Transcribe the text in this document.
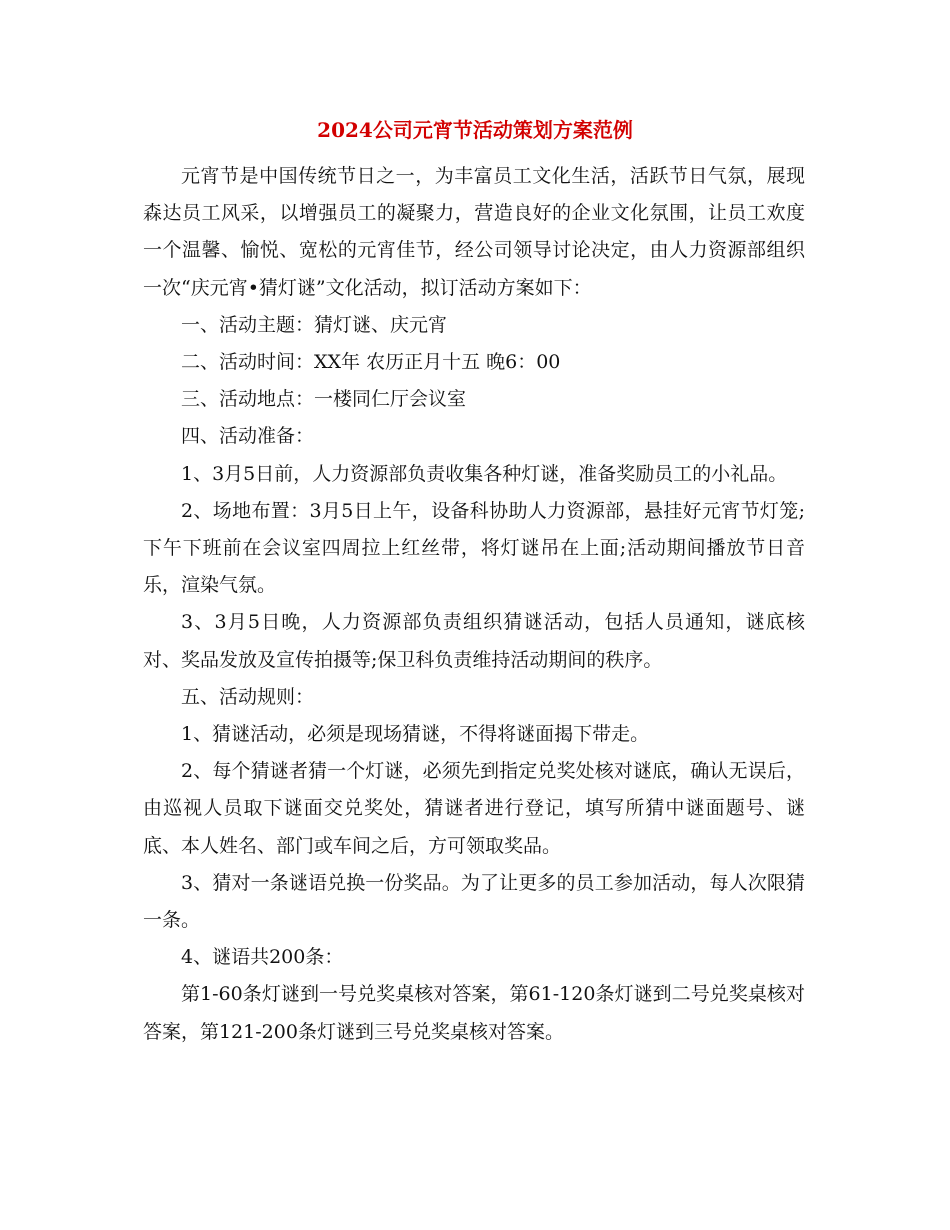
2024公司元宵节活动策划方案范例

元宵节是中国传统节日之一，为丰富员工文化生活，活跃节日气氛，展现森达员工风采，以增强员工的凝聚力，营造良好的企业文化氛围，让员工欢度一个温馨、愉悦、宽松的元宵佳节，经公司领导讨论决定，由人力资源部组织一次“庆元宵•猜灯谜”文化活动，拟订活动方案如下：

一、活动主题：猜灯谜、庆元宵

二、活动时间：XX年 农历正月十五 晚6：00

三、活动地点：一楼同仁厅会议室

四、活动准备：

1、3月5日前，人力资源部负责收集各种灯谜，准备奖励员工的小礼品。

2、场地布置：3月5日上午，设备科协助人力资源部，悬挂好元宵节灯笼;下午下班前在会议室四周拉上红丝带，将灯谜吊在上面;活动期间播放节日音乐，渲染气氛。

3、3月5日晚，人力资源部负责组织猜谜活动，包括人员通知，谜底核对、奖品发放及宣传拍摄等;保卫科负责维持活动期间的秩序。

五、活动规则：

1、猜谜活动，必须是现场猜谜，不得将谜面揭下带走。

2、每个猜谜者猜一个灯谜，必须先到指定兑奖处核对谜底，确认无误后，由巡视人员取下谜面交兑奖处，猜谜者进行登记，填写所猜中谜面题号、谜底、本人姓名、部门或车间之后，方可领取奖品。

3、猜对一条谜语兑换一份奖品。为了让更多的员工参加活动，每人次限猜一条。

4、谜语共200条：

第1-60条灯谜到一号兑奖桌核对答案，第61-120条灯谜到二号兑奖桌核对答案，第121-200条灯谜到三号兑奖桌核对答案。
